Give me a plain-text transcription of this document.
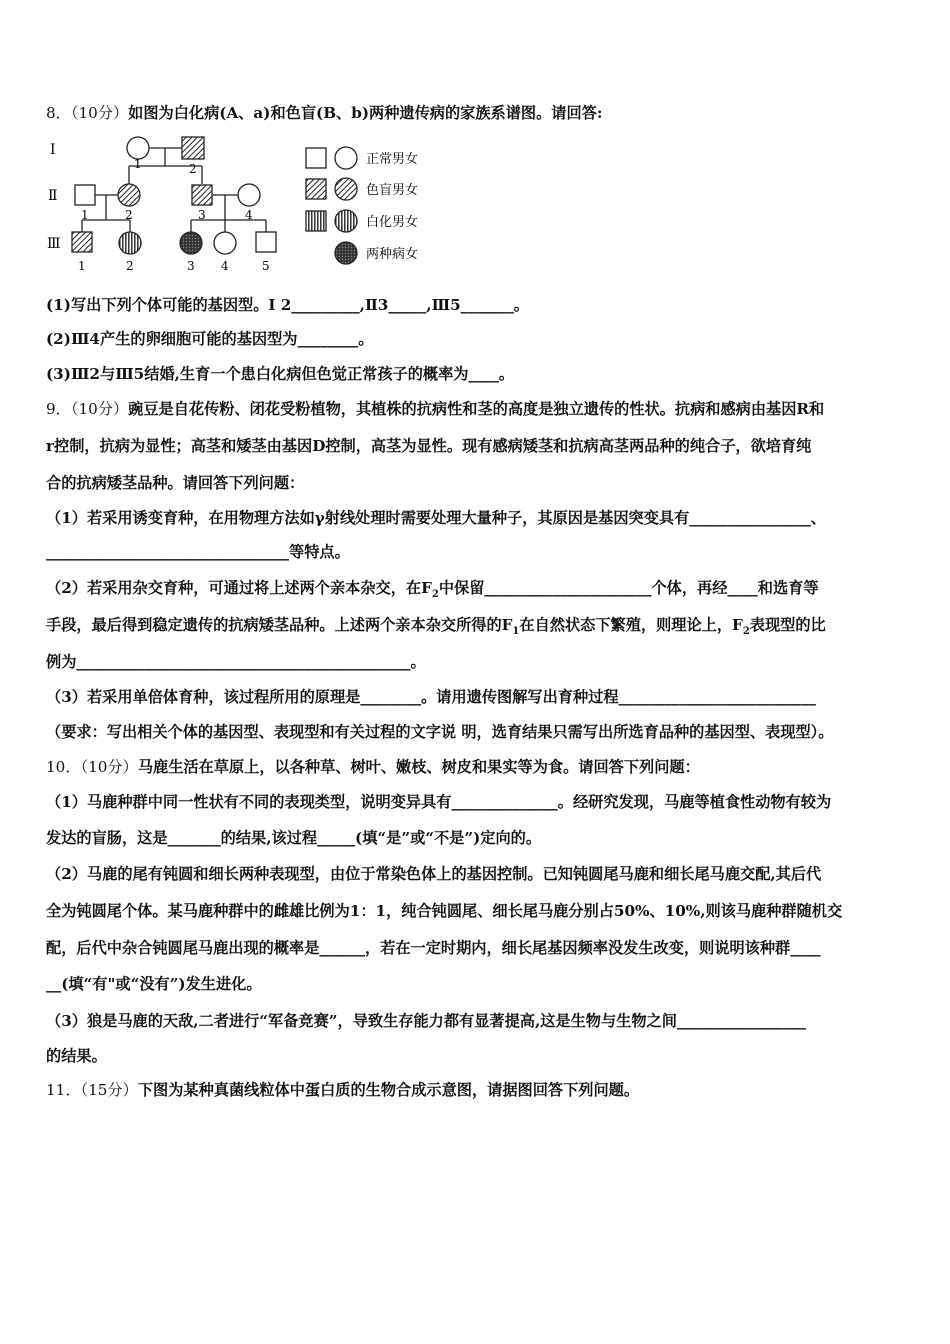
8．（10分）如图为白化病(A、a)和色盲(B、b)两种遗传病的家族系谱图。请回答:
Ⅰ
Ⅱ
Ⅲ
1	2
1	2	3	4
1	2	3 4	5
正常男女
色盲男女
白化男女
两种病女
(1)写出下列个体可能的基因型。Ⅰ 2_________,Ⅱ3_____,Ⅲ5_______。
(2)Ⅲ4产生的卵细胞可能的基因型为________。
(3)Ⅲ2与Ⅲ5结婚,生育一个患白化病但色觉正常孩子的概率为____。
9．（10分）豌豆是自花传粉、闭花受粉植物，其植株的抗病性和茎的高度是独立遗传的性状。抗病和感病由基因R和
r控制，抗病为显性；高茎和矮茎由基因D控制，高茎为显性。现有感病矮茎和抗病高茎两品种的纯合子，欲培育纯
合的抗病矮茎品种。请回答下列问题：
（1）若采用诱变育种，在用物理方法如γ射线处理时需要处理大量种子，其原因是基因突变具有________________、
________________________________等特点。
（2）若采用杂交育种，可通过将上述两个亲本杂交，在$F_2$中保留______________________个体，再经____和选育等
手段，最后得到稳定遗传的抗病矮茎品种。上述两个亲本杂交所得的$F_1$在自然状态下繁殖，则理论上，$F_2$表现型的比
例为____________________________________________。
（3）若采用单倍体育种，该过程所用的原理是________。请用遗传图解写出育种过程__________________________
（要求：写出相关个体的基因型、表现型和有关过程的文字说 明，选育结果只需写出所选育品种的基因型、表现型）。
10．（10分）马鹿生活在草原上，以各种草、树叶、嫩枝、树皮和果实等为食。请回答下列问题：
（1）马鹿种群中同一性状有不同的表现类型，说明变异具有______________。经研究发现，马鹿等植食性动物有较为
发达的盲肠，这是_______的结果,该过程_____(填“是”或“不是”)定向的。
（2）马鹿的尾有钝圆和细长两种表现型，由位于常染色体上的基因控制。已知钝圆尾马鹿和细长尾马鹿交配,其后代
全为钝圆尾个体。某马鹿种群中的雌雄比例为1：1，纯合钝圆尾、细长尾马鹿分别占50%、10%,则该马鹿种群随机交
配，后代中杂合钝圆尾马鹿出现的概率是______，若在一定时期内，细长尾基因频率没发生改变，则说明该种群____
__(填“有"或“没有”)发生进化。
（3）狼是马鹿的天敌,二者进行“军备竞赛”，导致生存能力都有显著提高,这是生物与生物之间_________________
的结果。
11．（15分）下图为某种真菌线粒体中蛋白质的生物合成示意图，请据图回答下列问题。
